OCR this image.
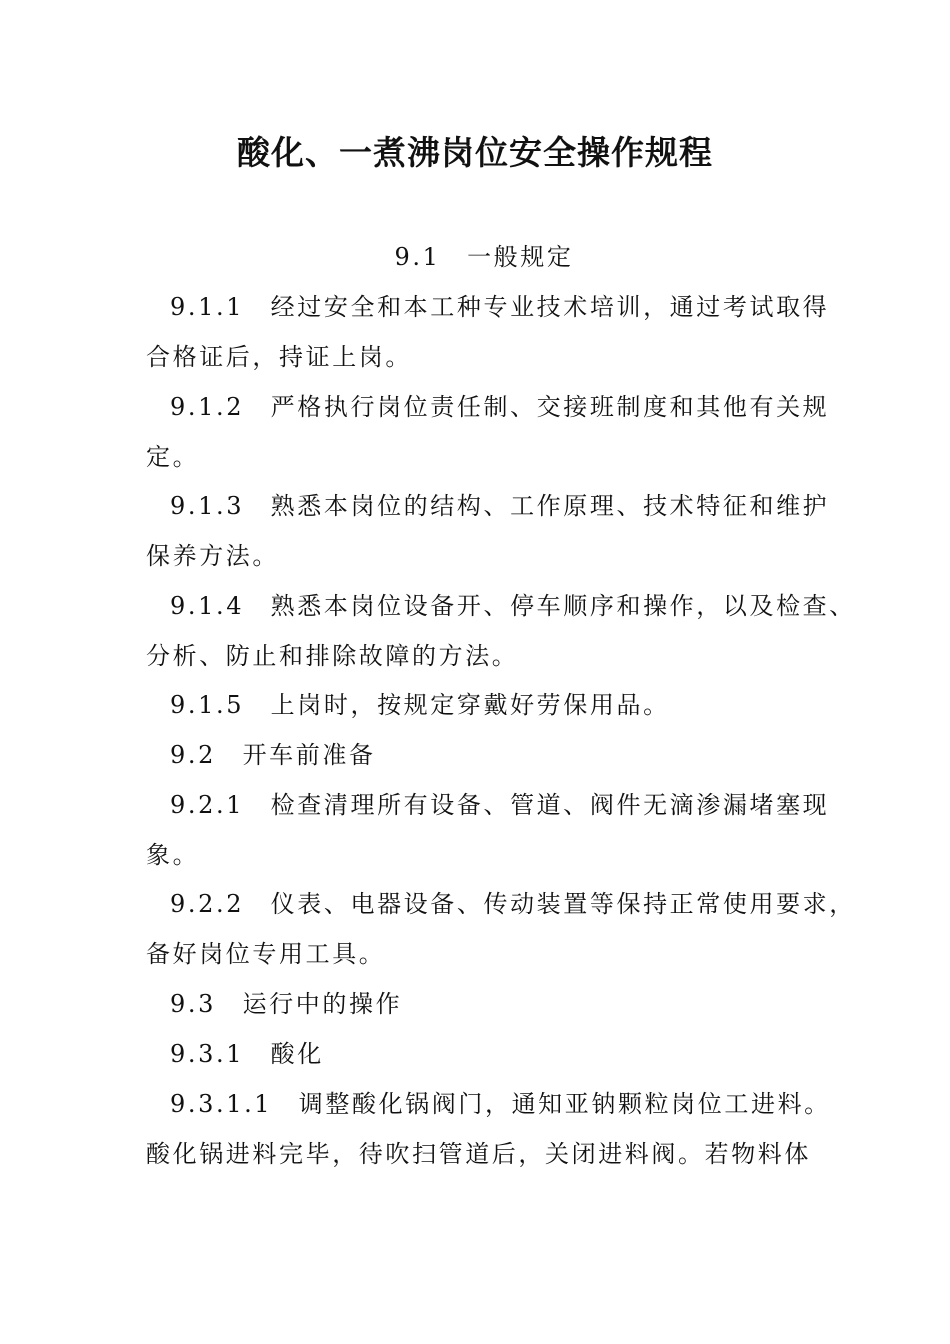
酸化、一煮沸岗位安全操作规程
9.1　一般规定
9.1.1　经过安全和本工种专业技术培训，通过考试取得
合格证后，持证上岗。
9.1.2　严格执行岗位责任制、交接班制度和其他有关规
定。
9.1.3　熟悉本岗位的结构、工作原理、技术特征和维护
保养方法。
9.1.4　熟悉本岗位设备开、停车顺序和操作，以及检查、
分析、防止和排除故障的方法。
9.1.5　上岗时，按规定穿戴好劳保用品。
9.2　开车前准备
9.2.1　检查清理所有设备、管道、阀件无滴渗漏堵塞现
象。
9.2.2　仪表、电器设备、传动装置等保持正常使用要求，
备好岗位专用工具。
9.3　运行中的操作
9.3.1　酸化
9.3.1.1　调整酸化锅阀门，通知亚钠颗粒岗位工进料。
酸化锅进料完毕，待吹扫管道后，关闭进料阀。若物料体
